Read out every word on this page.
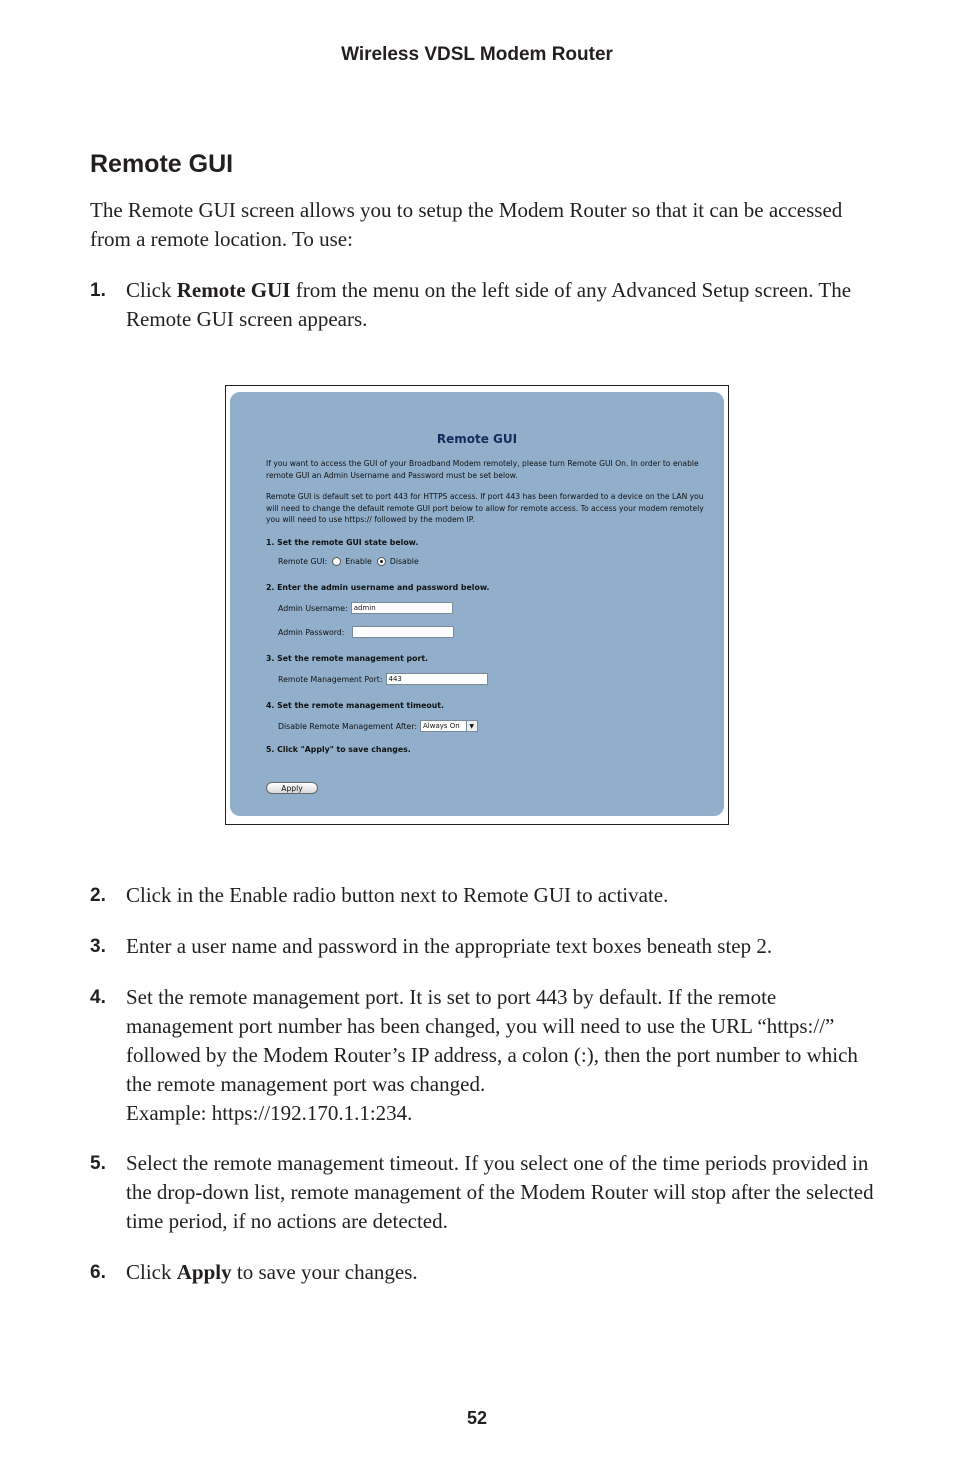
Wireless VDSL Modem Router
Remote GUI
The Remote GUI screen allows you to setup the Modem Router so that it can be accessed from a remote location. To use:
1. Click Remote GUI from the menu on the left side of any Advanced Setup screen. The Remote GUI screen appears.
Remote GUI
If you want to access the GUI of your Broadband Modem remotely, please turn Remote GUI On. In order to enable remote GUI an Admin Username and Password must be set below.
Remote GUI is default set to port 443 for HTTPS access. If port 443 has been forwarded to a device on the LAN you will need to change the default remote GUI port below to allow for remote access. To access your modem remotely you will need to use https:// followed by the modem IP.
1. Set the remote GUI state below.
Remote GUI: Enable Disable
2. Enter the admin username and password below.
Admin Username: admin
Admin Password:
3. Set the remote management port.
Remote Management Port: 443
4. Set the remote management timeout.
Disable Remote Management After: Always On	▼
5. Click "Apply" to save changes.
Apply
2. Click in the Enable radio button next to Remote GUI to activate.
3. Enter a user name and password in the appropriate text boxes beneath step 2.
4. Set the remote management port. It is set to port 443 by default. If the remote management port number has been changed, you will need to use the URL “https://” followed by the Modem Router’s IP address, a colon (:), then the port number to which the remote management port was changed.

Example: https://192.170.1.1:234.

5. Select the remote management timeout. If you select one of the time periods provided in the drop-down list, remote management of the Modem Router will stop after the selected time period, if no actions are detected.
6. Click Apply to save your changes.
52
